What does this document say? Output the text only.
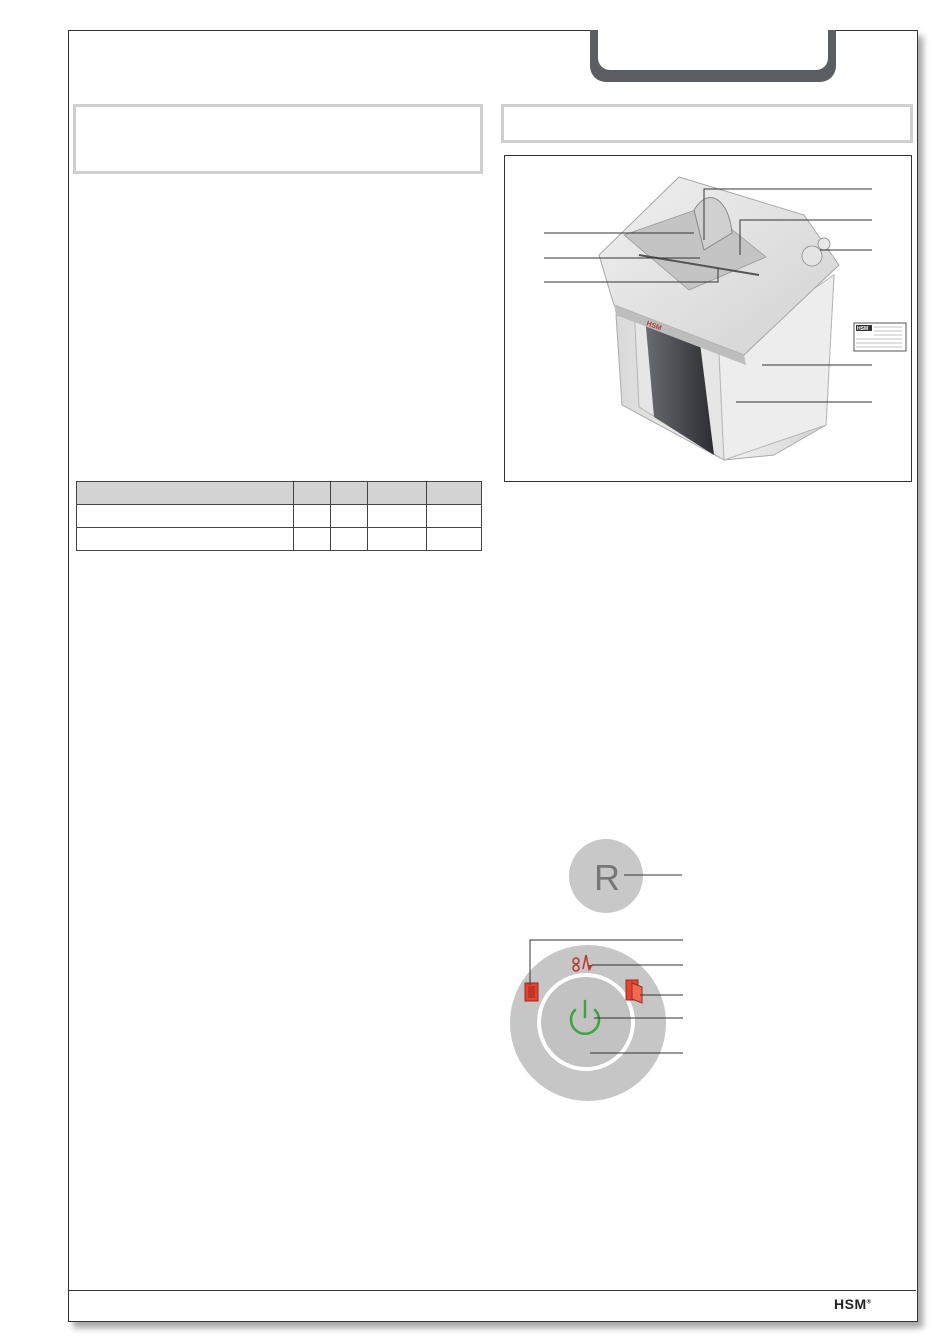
HSM	HSM

R
HSM®
